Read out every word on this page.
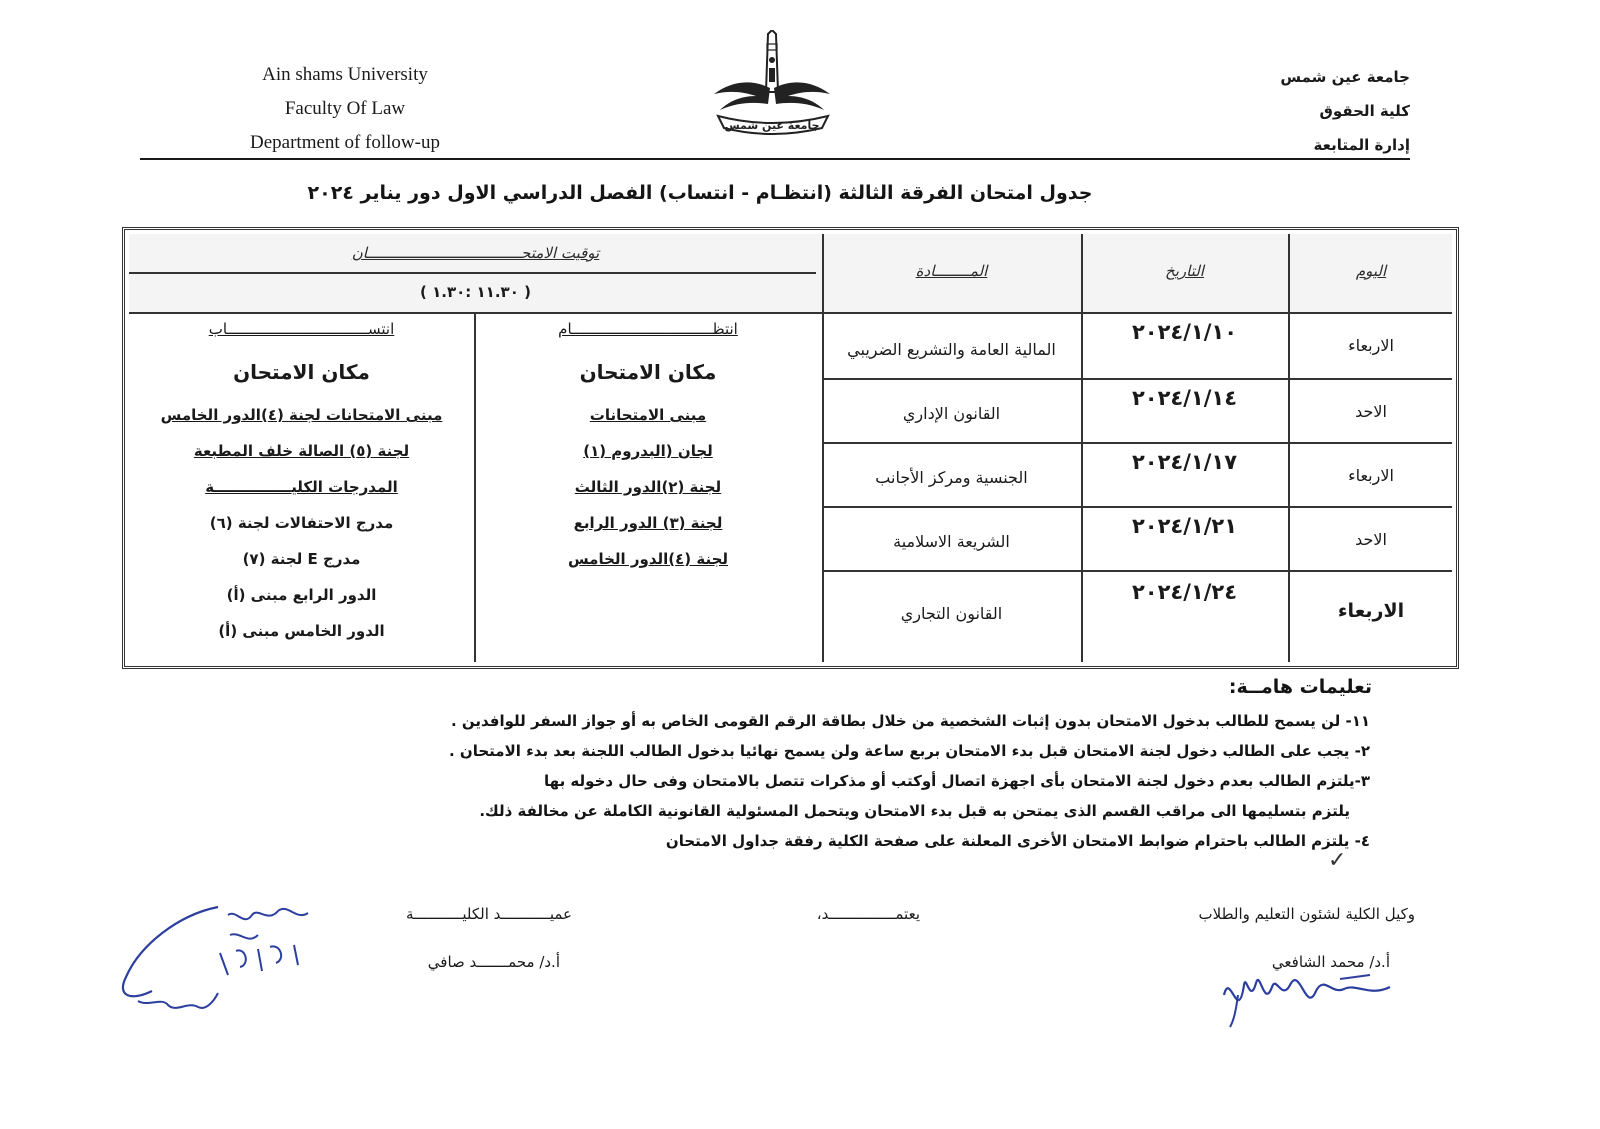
Ain shams University
Faculty Of Law
Department of follow-up
جامعة عين شمس
جامعة عين شمس
كلية الحقوق
إدارة المتابعة
جدول امتحان الفرقة الثالثة (انتظـام - انتساب) الفصل الدراسي الاول دور يناير ٢٠٢٤
اليوم
التاريخ
المــــــــادة
توقيت الامتحـــــــــــــــــــــــــــــــــــان
( ١١.٣٠ :١.٣٠ )
الاربعاء
٢٠٢٤/١/١٠
المالية العامة والتشريع الضريبي
الاحد
٢٠٢٤/١/١٤
القانون الإداري
الاربعاء
٢٠٢٤/١/١٧
الجنسية ومركز الأجانب
الاحد
٢٠٢٤/١/٢١
الشريعة الاسلامية
الاربعاء
٢٠٢٤/١/٢٤
القانون التجاري
انتظــــــــــــــــــــــــــــــــام
مكان الامتحان
مبنى الامتحانات
لجان (البدروم (١)
لجنة (٢)الدور الثالث
لجنة (٣) الدور الرابع
لجنة (٤)الدور الخامس
انتســــــــــــــــــــــــــــــــاب
مكان الامتحان
مبنى الامتحانات لجنة (٤)الدور الخامس
لجنة (٥) الصالة خلف المطبعة
المدرجات الكليـــــــــــــــة
مدرج الاحتفالات لجنة (٦)
مدرج E لجنة (٧)
الدور الرابع مبنى (أ)
الدور الخامس مبنى (أ)
تعليمات هامــة:
١١- لن يسمح للطالب بدخول الامتحان بدون إثبات الشخصية من خلال بطاقة الرقم القومى الخاص به أو جواز السفر للوافدين .
٢- يجب على الطالب دخول لجنة الامتحان قبل بدء الامتحان بربع ساعة ولن يسمح نهائيا بدخول الطالب اللجنة بعد بدء الامتحان .
٣-يلتزم الطالب بعدم دخول لجنة الامتحان بأى اجهزة اتصال أوكتب أو مذكرات تتصل بالامتحان وفى حال دخوله بها
يلتزم بتسليمها الى مراقب القسم الذى يمتحن به قبل بدء الامتحان ويتحمل المسئولية القانونية الكاملة عن مخالفة ذلك.
٤- يلتزم الطالب باحترام ضوابط الامتحان الأخرى المعلنة على صفحة الكلية رفقة جداول الامتحان
✓
وكيل الكلية لشئون التعليم والطلاب
أ.د/ محمد الشافعي
يعتمـــــــــــــــد،
عميـــــــــــد الكليـــــــــــة
أ.د/ محمـــــــد صافي
